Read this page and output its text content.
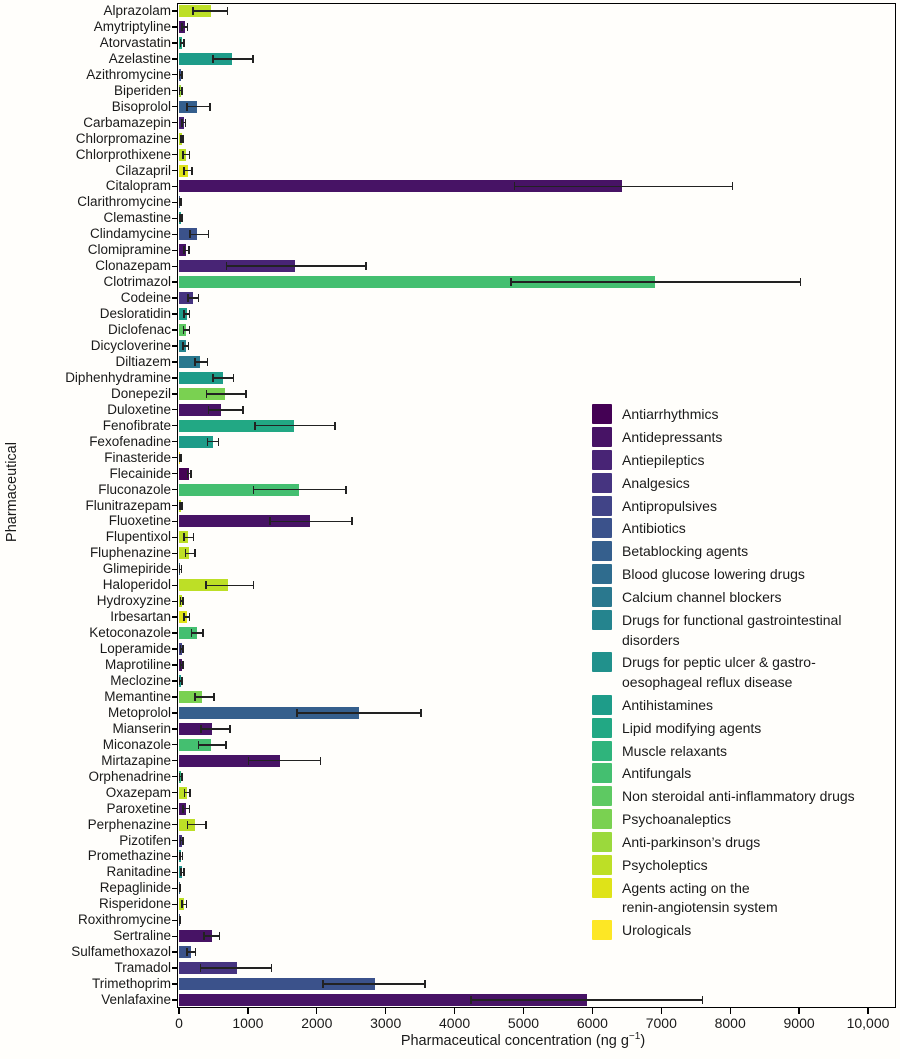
Pharmaceutical
Pharmaceutical concentration (ng $g^{-1}$)
Antiarrhythmics
Antidepressants
Antiepileptics
Analgesics
Antipropulsives
Antibiotics
Betablocking agents
Blood glucose lowering drugs
Calcium channel blockers
Drugs for functional gastrointestinal
disorders
Drugs for peptic ulcer & gastro-
oesophageal reflux disease
Antihistamines
Lipid modifying agents
Muscle relaxants
Antifungals
Non steroidal anti-inflammatory drugs
Psychoanaleptics
Anti-parkinson’s drugs
Psycholeptics
Agents acting on the
renin-angiotensin system
Urologicals
Alprazolam
Amytriptyline
Atorvastatin
Azelastine
Azithromycine
Biperiden
Bisoprolol
Carbamazepin
Chlorpromazine
Chlorprothixene
Cilazapril
Citalopram
Clarithromycine
Clemastine
Clindamycine
Clomipramine
Clonazepam
Clotrimazol
Codeine
Desloratidin
Diclofenac
Dicycloverine
Diltiazem
Diphenhydramine
Donepezil
Duloxetine
Fenofibrate
Fexofenadine
Finasteride
Flecainide
Fluconazole
Flunitrazepam
Fluoxetine
Flupentixol
Fluphenazine
Glimepiride
Haloperidol
Hydroxyzine
Irbesartan
Ketoconazole
Loperamide
Maprotiline
Meclozine
Memantine
Metoprolol
Mianserin
Miconazole
Mirtazapine
Orphenadrine
Oxazepam
Paroxetine
Perphenazine
Pizotifen
Promethazine
Ranitadine
Repaglinide
Risperidone
Roxithromycine
Sertraline
Sulfamethoxazol
Tramadol
Trimethoprim
Venlafaxine
0	1000	2000	3000	4000	5000	6000	7000	8000	9000	10,000
